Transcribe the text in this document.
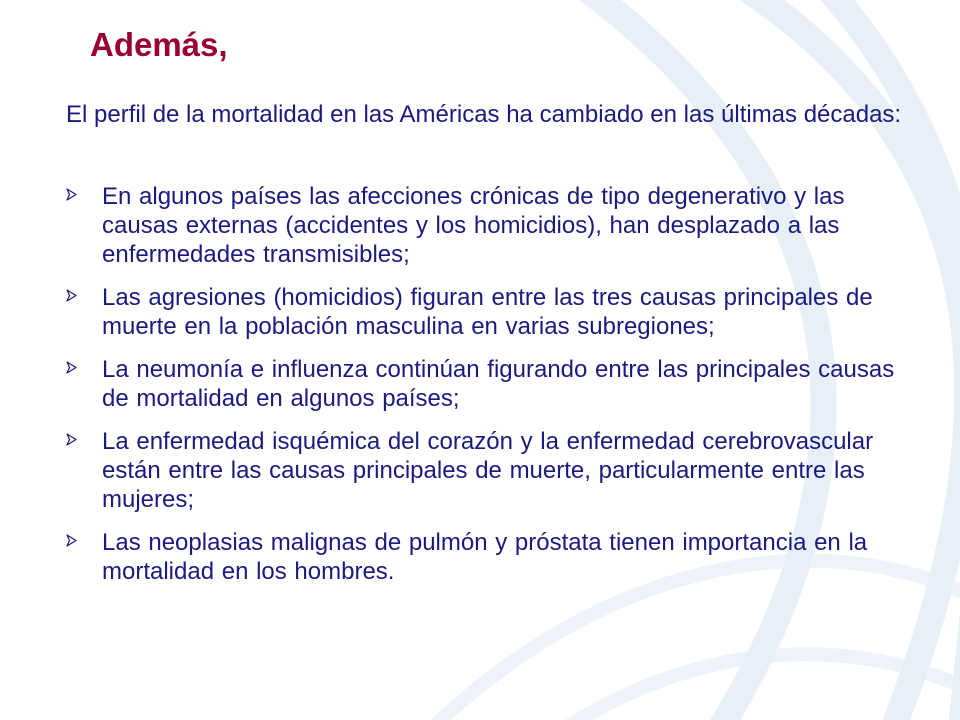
Además,

El perfil de la mortalidad en las Américas ha cambiado en las últimas décadas:

En algunos países las afecciones crónicas de tipo degenerativo y las causas externas (accidentes y los homicidios), han desplazado a las enfermedades transmisibles;
Las agresiones (homicidios) figuran entre las tres causas principales de muerte en la población masculina en varias subregiones;
La neumonía e influenza continúan figurando entre las principales causas de mortalidad en algunos países;
La enfermedad isquémica del corazón y la enfermedad cerebrovascular están entre las causas principales de muerte, particularmente entre las mujeres;
Las neoplasias malignas de pulmón y próstata tienen importancia en la mortalidad en los hombres.
